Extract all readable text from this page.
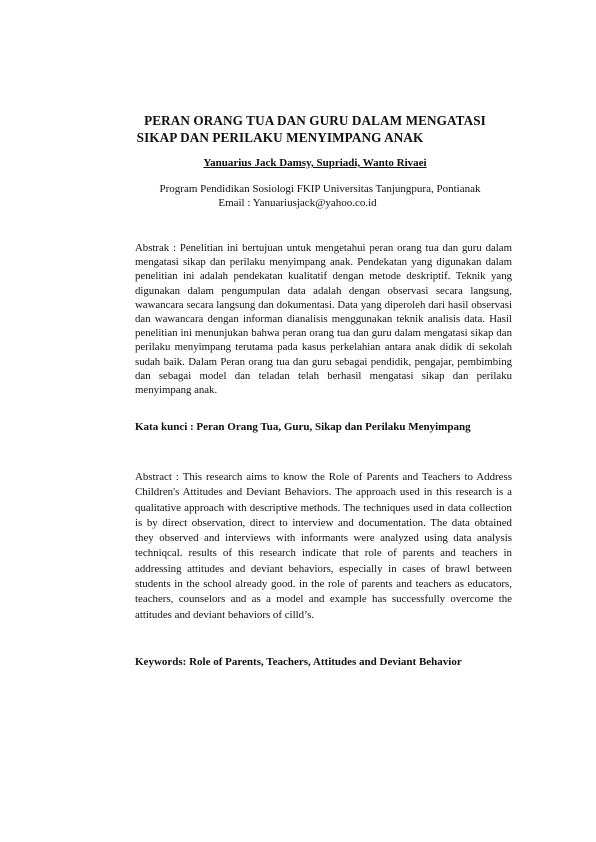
PERAN ORANG TUA DAN GURU DALAM MENGATASI

SIKAP DAN PERILAKU MENYIMPANG ANAK
Yanuarius Jack Damsy, Supriadi, Wanto Rivaei
Program Pendidikan Sosiologi FKIP Universitas Tanjungpura, Pontianak

Email : Yanuariusjack@yahoo.co.id

Abstrak : Penelitian ini bertujuan untuk mengetahui peran orang tua dan guru dalam mengatasi sikap dan perilaku menyimpang anak. Pendekatan yang digunakan dalam penelitian ini adalah pendekatan kualitatif dengan metode deskriptif. Teknik yang digunakan dalam pengumpulan data adalah dengan observasi secara langsung, wawancara secara langsung dan dokumentasi. Data yang diperoleh dari hasil observasi dan wawancara dengan informan dianalisis menggunakan teknik analisis data. Hasil penelitian ini menunjukan bahwa peran orang tua dan guru dalam mengatasi sikap dan perilaku menyimpang terutama pada kasus perkelahian antara anak didik di sekolah sudah baik. Dalam Peran orang tua dan guru sebagai pendidik, pengajar, pembimbing dan sebagai model dan teladan telah berhasil mengatasi sikap dan perilaku menyimpang anak.

Kata kunci : Peran Orang Tua, Guru, Sikap dan Perilaku Menyimpang

Abstract : This research aims to know the Role of Parents and Teachers to Address Children's Attitudes and Deviant Behaviors. The approach used in this research is a qualitative approach with descriptive methods. The techniques used in data collection is by direct observation, direct to interview and documentation. The data obtained they observed and interviews with informants were analyzed using data analysis techniqcal. results of this research indicate that role of parents and teachers in addressing attitudes and deviant behaviors, especially in cases of brawl between students in the school already good. in the role of parents and teachers as educators, teachers, counselors and as a model and example has successfully overcome the attitudes and deviant behaviors of cilld’s.

Keywords: Role of Parents, Teachers, Attitudes and Deviant Behavior
